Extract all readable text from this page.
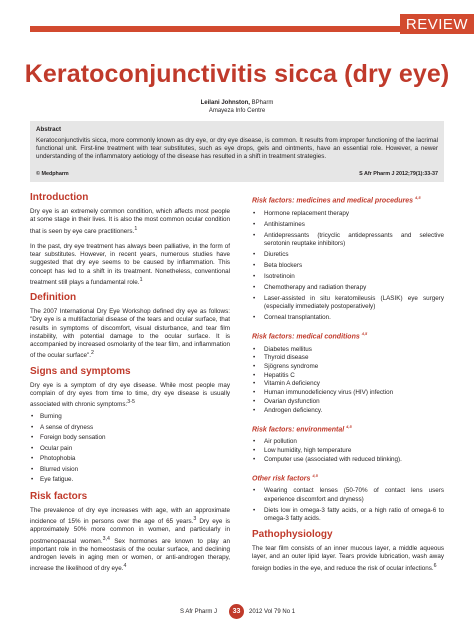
REVIEW
Keratoconjunctivitis sicca (dry eye)
Leilani Johnston, BPharm
Amayeza Info Centre
Abstract

Keratoconjunctivitis sicca, more commonly known as dry eye, or dry eye disease, is common. It results from improper functioning of the lacrimal functional unit. First-line treatment with tear substitutes, such as eye drops, gels and ointments, have an essential role. However, a newer understanding of the inflammatory aetiology of the disease has resulted in a shift in treatment strategies.

© Medpharm	S Afr Pharm J 2012;79(1):33-37
Introduction

Dry eye is an extremely common condition, which affects most people at some stage in their lives. It is also the most common ocular condition that is seen by eye care practitioners.$^1$

In the past, dry eye treatment has always been palliative, in the form of tear substitutes. However, in recent years, numerous studies have suggested that dry eye seems to be caused by inflammation. This concept has led to a shift in its treatment. Nonetheless, conventional treatment still plays a fundamental role.$^1$

Definition

The 2007 International Dry Eye Workshop defined dry eye as follows: "Dry eye is a multifactorial disease of the tears and ocular surface, that results in symptoms of discomfort, visual disturbance, and tear film instability, with potential damage to the ocular surface. It is accompanied by increased osmolarity of the tear film, and inflammation of the ocular surface".$^2$

Signs and symptoms

Dry eye is a symptom of dry eye disease. While most people may complain of dry eyes from time to time, dry eye disease is usually associated with chronic symptoms:$^{3-5}$

• Burning
• A sense of dryness
• Foreign body sensation
• Ocular pain
• Photophobia
• Blurred vision
• Eye fatigue.
Risk factors

The prevalence of dry eye increases with age, with an approximate incidence of 15% in persons over the age of 65 years.$^3$ Dry eye is approximately 50% more common in women, and particularly in postmenopausal women.$^{3,4}$ Sex hormones are known to play an important role in the homeostasis of the ocular surface, and declining androgen levels in aging men or women, or anti-androgen therapy, increase the likelihood of dry eye.$^4$

Risk factors: medicines and medical procedures $^{4,5}$
• Hormone replacement therapy
• Antihistamines
• Antidepressants (tricyclic antidepressants and selective serotonin reuptake inhibitors)
• Diuretics
• Beta blockers
• Isotretinoin
• Chemotherapy and radiation therapy
• Laser-assisted in situ keratomileusis (LASIK) eye surgery (especially immediately postoperatively)
• Corneal transplantation.
Risk factors: medical conditions $^{4,5}$
• Diabetes mellitus
• Thyroid disease
• Sjögrens syndrome
• Hepatitis C
• Vitamin A deficiency
• Human immunodeficiency virus (HIV) infection
• Ovarian dysfunction
• Androgen deficiency.
Risk factors: environmental $^{4,5}$
• Air pollution
• Low humidity, high temperature
• Computer use (associated with reduced blinking).
Other risk factors $^{4,5}$
• Wearing contact lenses (50-70% of contact lens users experience discomfort and dryness)
• Diets low in omega-3 fatty acids, or a high ratio of omega-6 to omega-3 fatty acids.
Pathophysiology

The tear film consists of an inner mucous layer, a middle aqueous layer, and an outer lipid layer. Tears provide lubrication, wash away foreign bodies in the eye, and reduce the risk of ocular infections.$^6$

S Afr Pharm J	33	2012 Vol 79 No 1
